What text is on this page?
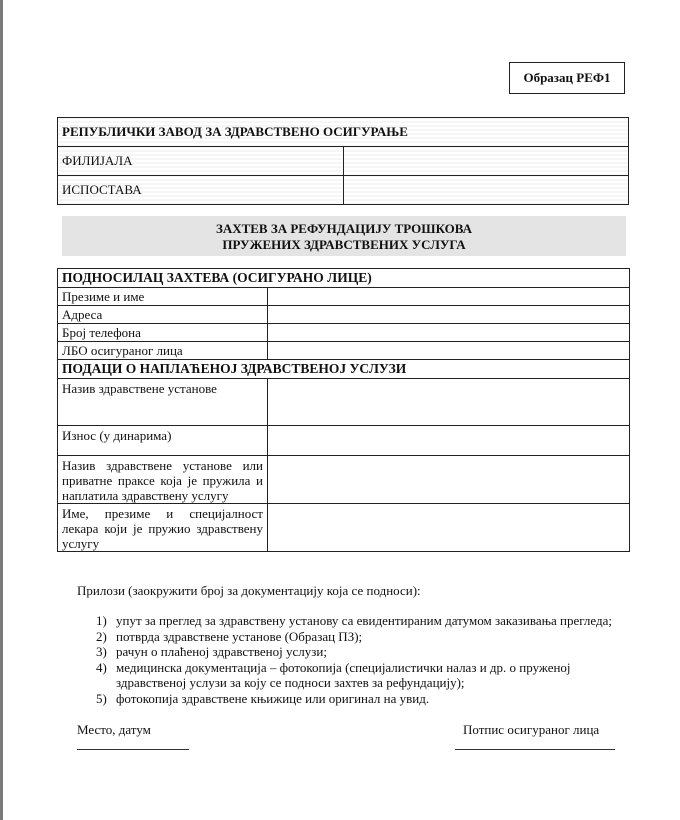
Образац РЕФ1
РЕПУБЛИЧКИ ЗАВОД ЗА ЗДРАВСТВЕНО ОСИГУРАЊЕ	
ФИЛИЈАЛА	
ИСПОСТАВА	
ЗАХТЕВ ЗА РЕФУНДАЦИЈУ ТРОШКОВА
ПРУЖЕНИХ ЗДРАВСТВЕНИХ УСЛУГА
ПОДНОСИЛАЦ ЗАХТЕВА (ОСИГУРАНО ЛИЦЕ)	
Презиме и име	
Адреса	
Број телефона	
ЛБО осигураног лица	
ПОДАЦИ О НАПЛАЋЕНОЈ ЗДРАВСТВЕНОЈ УСЛУЗИ	
Назив здравствене установе	
Износ (у динарима)	
Назив здравствене установе или приватне праксе која је пружила и наплатила здравствену услугу	
Име, презиме и специјалност лекара који је пружио здравствену услугу	
Прилози (заокружити број за документацију која се подноси):
1) упут за преглед за здравствену установу са евидентираним датумом заказивања прегледа;
2) потврда здравствене установе (Образац ПЗ);
3) рачун о плаћеној здравственој услузи;
4) медицинска документација – фотокопија (специјалистички налаз и др. о пруженој здравственој услузи за коју се подноси захтев за рефундацију);
5) фотокопија здравствене књижице или оригинал на увид.
Место, датум	Потпис осигураног лица
